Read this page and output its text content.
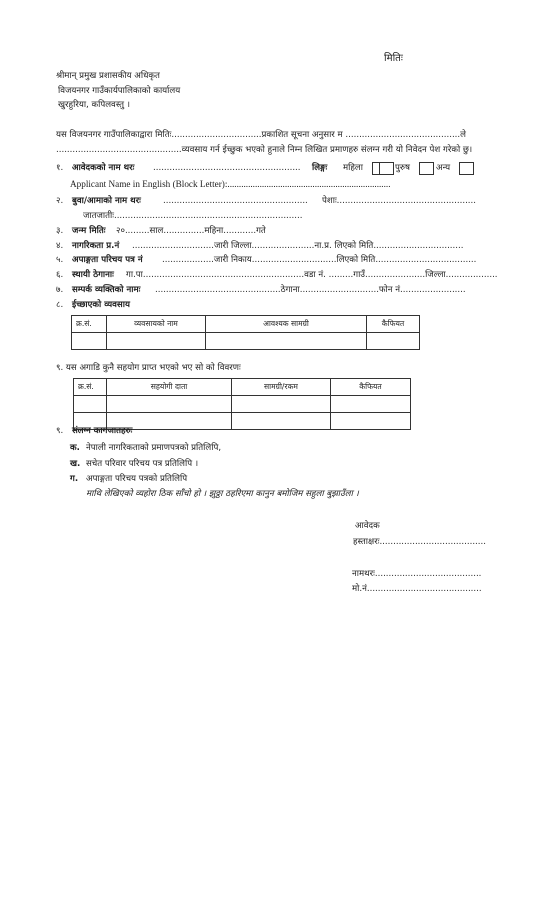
मितिः
श्रीमान् प्रमुख प्रशासकीय अधिकृत
विजयनगर गाउँकार्यपालिकाको कार्यालय
खुरहुरिया, कपिलवस्तु ।
यस विजयनगर गाउँपालिकाद्वारा मितिः.................................प्रकाशित सूचना अनुसार म ..........................................ले
..............................................व्यवसाय गर्न ईच्छुक भएको हुनाले निम्न लिखित प्रमाणहरु संलग्न गरी यो निवेदन पेश गरेको छु।
१. आवेदकको नाम थरः ...................................................... लिङ्गः महिला	पुरुष	अन्य
Applicant Name in English (Block Letter):.......................................................................
२. बुवा/आमाको नाम थरः	..................................................... पेशाः...................................................
जातजातीः.....................................................................
३. जन्म मितिः २०.........साल...............महिना............गते
४. नागरिकता प्र.नं ..............................जारी जिल्ला.......................ना.प्र. लिएको मिति.................................
५. अपाङ्गता परिचय पत्र नं ...................जारी निकाय...............................लिएको मिति.....................................
६. स्थायी ठेगानाः गा.पा...........................................................वडा नं. .........गाउँ......................जिल्ला...................
७. सम्पर्क व्यक्तिको नामः ..............................................ठेगाना.............................फोन नं........................
८. ईच्छाएको व्यवसाय
क्र.सं.	व्यवसायको नाम	आवश्यक सामग्री	कैफियत

९. यस अगाडि कुनै सहयोग प्राप्त भएको भए सो को विवरणः
क्र.सं.	सहयोगी दाता	सामग्री/रकम	कैफियत

९. संलग्न कागजातहरुः
क. नेपाली नागरिकताको प्रमाणपत्रको प्रतिलिपि,
ख. सचेत परिवार परिचय पत्र प्रतिलिपि ।
ग. अपाङ्गता परिचय पत्रको प्रतिलिपि
माथि लेखिएको व्यहोरा ठिक साँचो हो । झुठ्ठा ठहरिएमा कानुन बमोजिम सहुला बुझाउँला ।
आवेदक
हस्ताक्षरः.......................................
नामथरः.......................................
मो.नं..........................................
